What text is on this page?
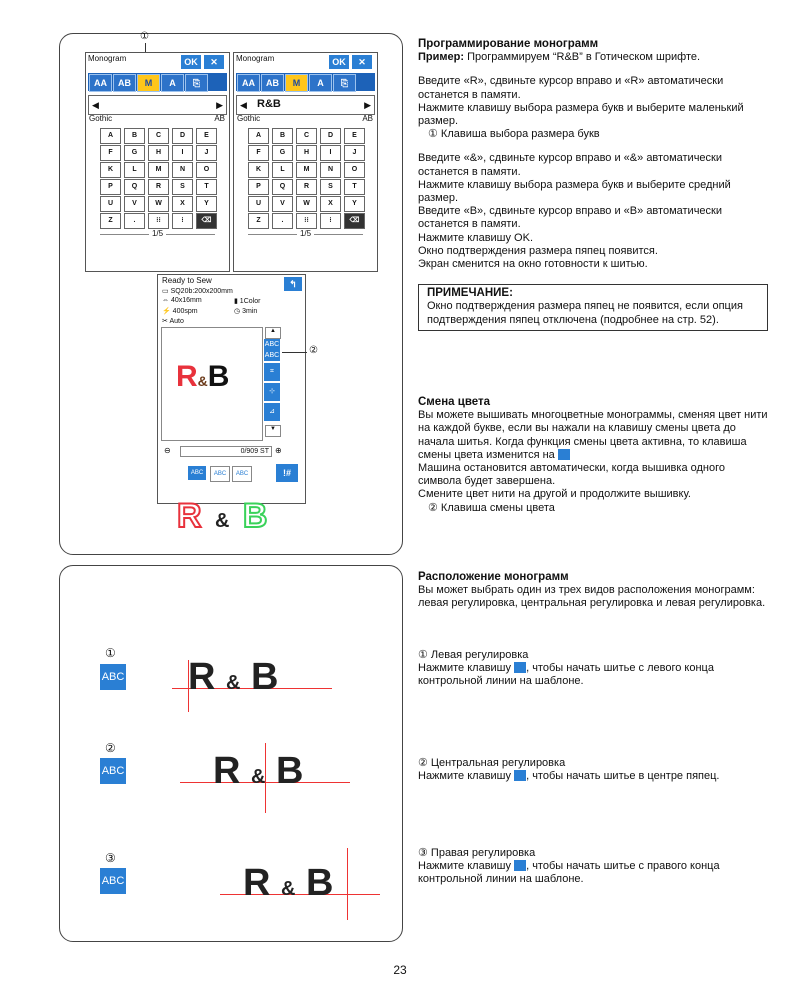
①
Monogram	OK	✕
AA	AB	M	A	⎘
◀	▶
Gothic	AB
A	B	C	D	E
F	G	H	I	J
K	L	M	N	O
P	Q	R	S	T
U	V	W	X	Y
Z	.	⁝⁝	⁝	⌫
1/5
Monogram	OK	✕
AA	AB	M	A	⎘
◀ R&B	▶
Gothic	AB
A	B	C	D	E
F	G	H	I	J
K	L	M	N	O
P	Q	R	S	T
U	V	W	X	Y
Z	.	⁝⁝	⁝	⌫
1/5
Ready to Sew	↰
▭ SQ20b:200x200mm
⇔ 40x16mm	▮ 1Color
⚡ 400spm	◷ 3min
✂ Auto
R&B
▲
ABC
ABC
⌗
⊹
⊿
▼
⊖	0/909 ST ⊕
ABC	ABC	ABC	!#
②
R & B
①
ABC R & B
②
ABC R & B
③
ABC	R & B

Программирование монограмм

Пример: Программируем “R&B” в Готическом шрифте.

Введите «R», сдвиньте курсор вправо и «R» автоматически останется в памяти.

Нажмите клавишу выбора размера букв и выберите маленький размер.

① Клавиша выбора размера букв

Введите «&», сдвиньте курсор вправо и «&» автоматически останется в памяти.

Нажмите клавишу выбора размера букв и выберите средний размер.

Введите «B», сдвиньте курсор вправо и «B» автоматически останется в памяти.

Нажмите клавишу OK.

Окно подтверждения размера пяпец появится.

Экран сменится на окно готовности к шитью.

ПРИМЕЧАНИЕ:

Окно подтверждения размера пяпец не появится, если опция подтверждения пяпец отключена (подробнее на стр. 52).

Смена цвета

Вы можете вышивать многоцветные монограммы, сменяя цвет нити на каждой букве, если вы нажали на клавишу смены цвета до начала шитья. Когда функция смены цвета активна, то клавиша смены цвета изменится на

Машина остановится автоматически, когда вышивка одного символа будет завершена.

Смените цвет нити на другой и продолжите вышивку.

② Клавиша смены цвета

Расположение монограмм

Вы может выбрать один из трех видов расположения монограмм: левая регулировка, центральная регулировка и левая регулировка.

① Левая регулировка

Нажмите клавишу , чтобы начать шитье с левого конца контрольной линии на шаблоне.

② Центральная регулировка

Нажмите клавишу , чтобы начать шитье в центре пяпец.

③ Правая регулировка

Нажмите клавишу , чтобы начать шитье с правого конца контрольной линии на шаблоне.

23
